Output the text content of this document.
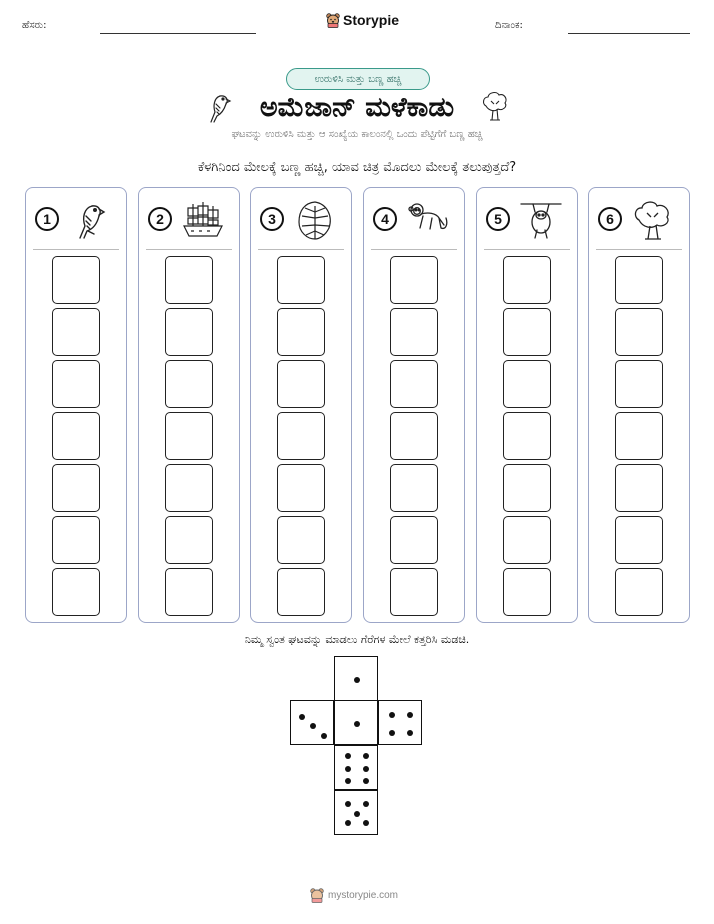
ಹೆಸರು:	Storypie	ದಿನಾಂಕ:
ಉರುಳಿಸಿ ಮತ್ತು ಬಣ್ಣ ಹಚ್ಚಿ
ಅಮೆಜಾನ್ ಮಳೆಕಾಡು
ಘಟವನ್ನು ಉರುಳಿಸಿ ಮತ್ತು ಆ ಸಂಖ್ಯೆಯ ಕಾಲಂನಲ್ಲಿ ಒಂದು ಪೆಟ್ಟಿಗೆಗೆ ಬಣ್ಣ ಹಚ್ಚಿ
ಕೆಳಗಿನಿಂದ ಮೇಲಕ್ಕೆ ಬಣ್ಣ ಹಚ್ಚಿ, ಯಾವ ಚಿತ್ರ ಮೊದಲು ಮೇಲಕ್ಕೆ ತಲುಪುತ್ತದೆ?
1	2	3	4	5	6
ನಿಮ್ಮ ಸ್ವಂತ ಘಟವನ್ನು ಮಾಡಲು ಗೆರೆಗಳ ಮೇಲೆ ಕತ್ತರಿಸಿ ಮಡಚಿ.
mystorypie.com
